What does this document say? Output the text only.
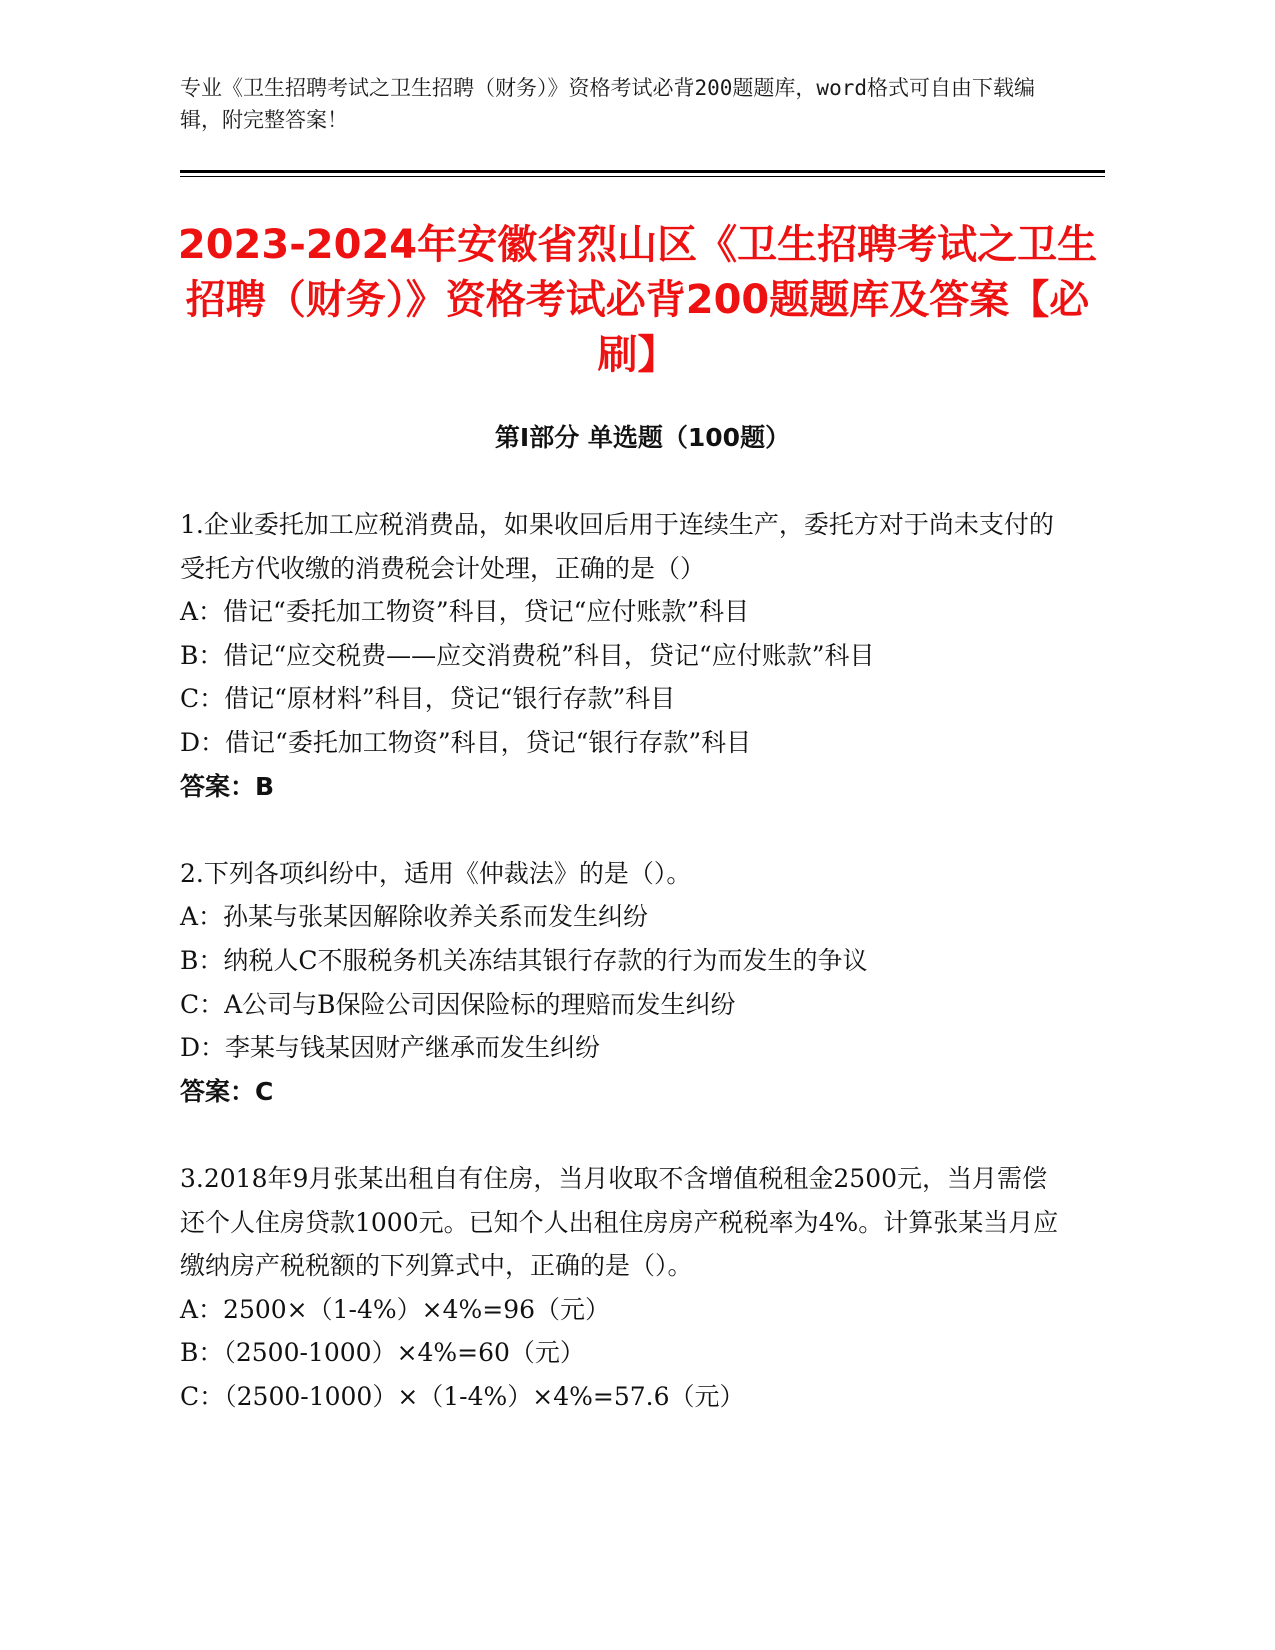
专业《卫生招聘考试之卫生招聘（财务）》资格考试必背200题题库，word格式可自由下载编辑，附完整答案！
2023-2024年安徽省烈山区《卫生招聘考试之卫生招聘（财务）》资格考试必背200题题库及答案【必刷】
第I部分 单选题（100题）

1.企业委托加工应税消费品，如果收回后用于连续生产，委托方对于尚未支付的受托方代收缴的消费税会计处理，正确的是（）

A：借记“委托加工物资”科目，贷记“应付账款”科目

B：借记“应交税费——应交消费税”科目，贷记“应付账款”科目

C：借记“原材料”科目，贷记“银行存款”科目

D：借记“委托加工物资”科目，贷记“银行存款”科目

答案：B

2.下列各项纠纷中，适用《仲裁法》的是（）。

A：孙某与张某因解除收养关系而发生纠纷

B：纳税人C不服税务机关冻结其银行存款的行为而发生的争议

C：A公司与B保险公司因保险标的理赔而发生纠纷

D：李某与钱某因财产继承而发生纠纷

答案：C

3.2018年9月张某出租自有住房，当月收取不含增值税租金2500元，当月需偿还个人住房贷款1000元。已知个人出租住房房产税税率为4%。计算张某当月应缴纳房产税税额的下列算式中，正确的是（）。

A：2500×（1-4%）×4%=96（元）

B：（2500-1000）×4%=60（元）

C：（2500-1000）×（1-4%）×4%=57.6（元）
